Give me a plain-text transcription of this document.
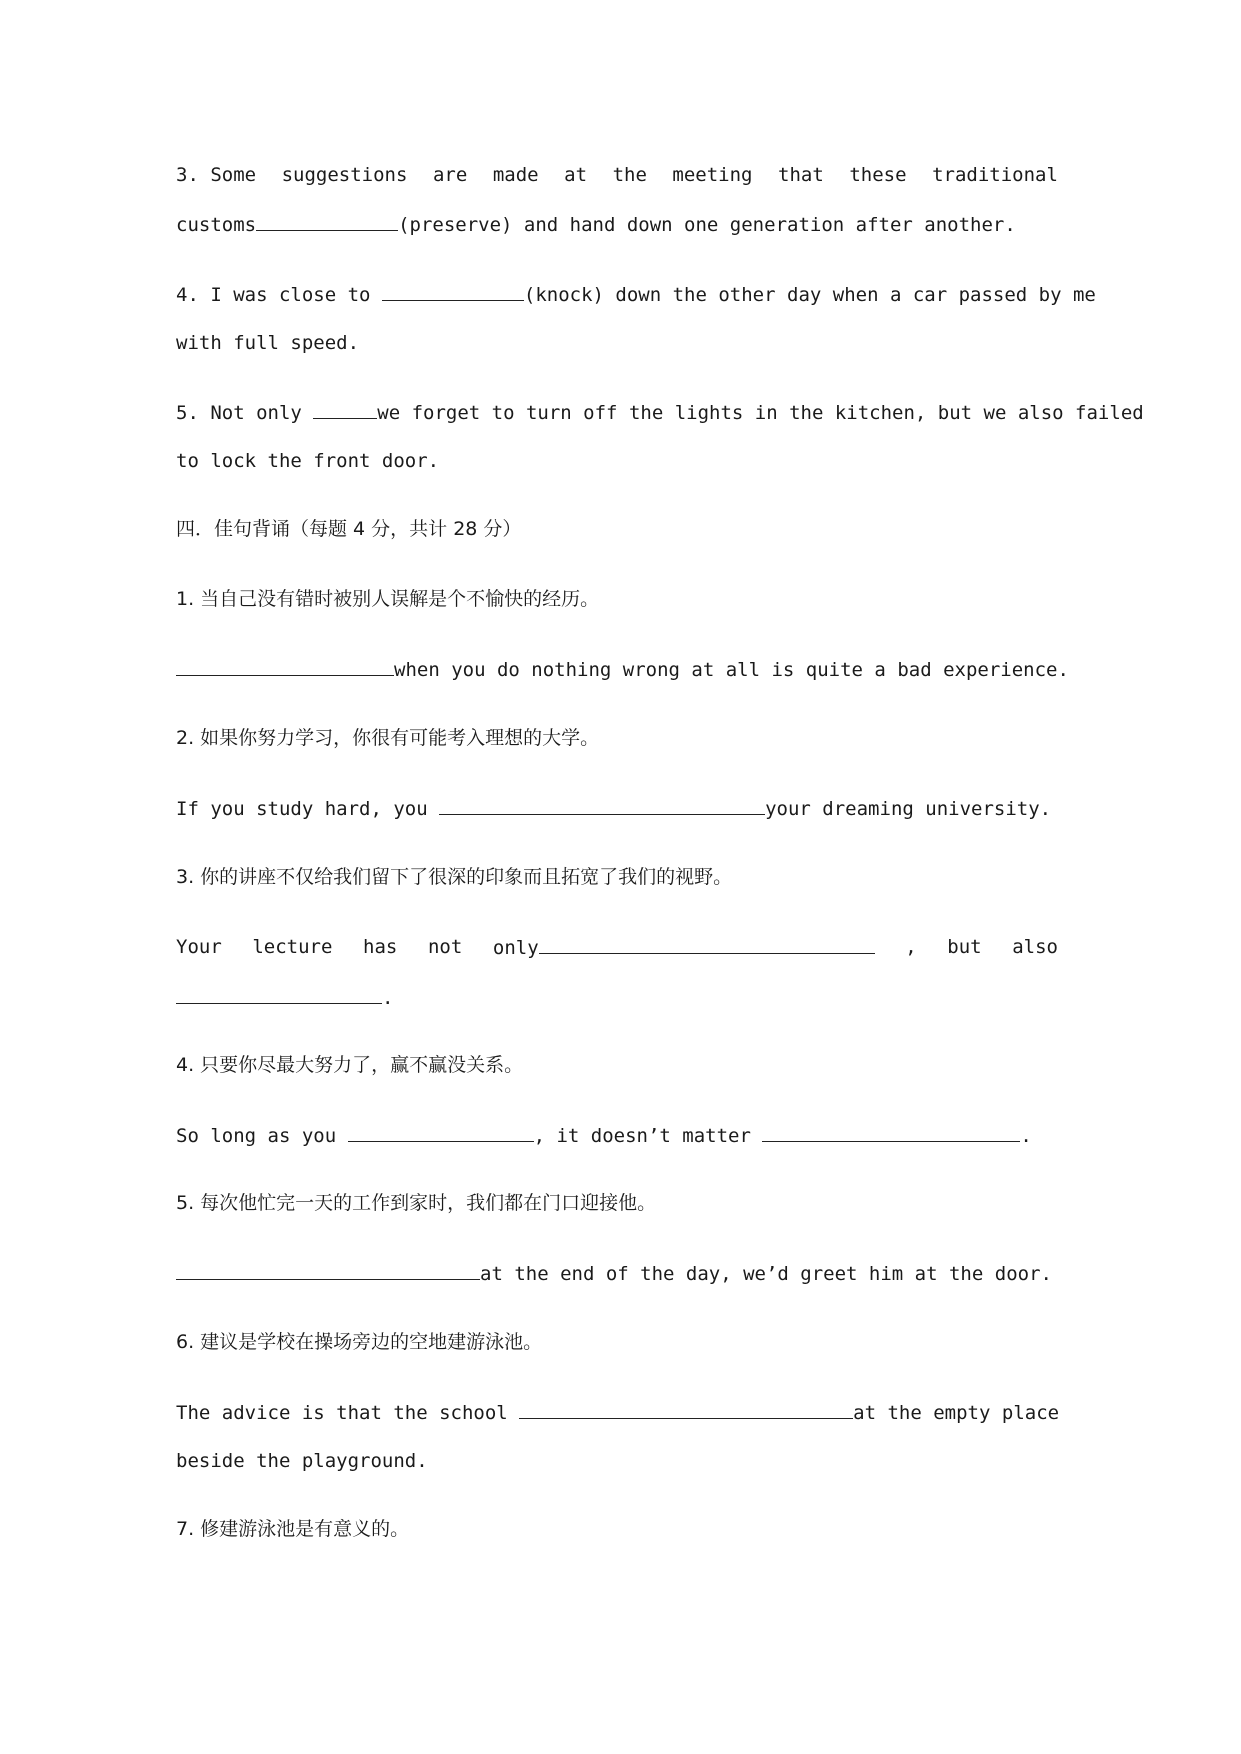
3. Some suggestions are made at the meeting that these traditional
customs	(preserve) and hand down one generation after another.
4. I was close to	(knock) down the other day when a car passed by me
with full speed.
5. Not only	we forget to turn off the lights in the kitchen, but we also failed
to lock the front door.
四．佳句背诵（每题 4 分，共计 28 分）
1. 当自己没有错时被别人误解是个不愉快的经历。
when you do nothing wrong at all is quite a bad experience.
2. 如果你努力学习，你很有可能考入理想的大学。
If you study hard, you	your dreaming university.
3. 你的讲座不仅给我们留下了很深的印象而且拓宽了我们的视野。
Your lecture has not only	, but also
.
4. 只要你尽最大努力了，赢不赢没关系。
So long as you	, it doesn’t matter	.
5. 每次他忙完一天的工作到家时，我们都在门口迎接他。
at the end of the day, we’d greet him at the door.
6. 建议是学校在操场旁边的空地建游泳池。
The advice is that the school	at the empty place
beside the playground.
7. 修建游泳池是有意义的。
